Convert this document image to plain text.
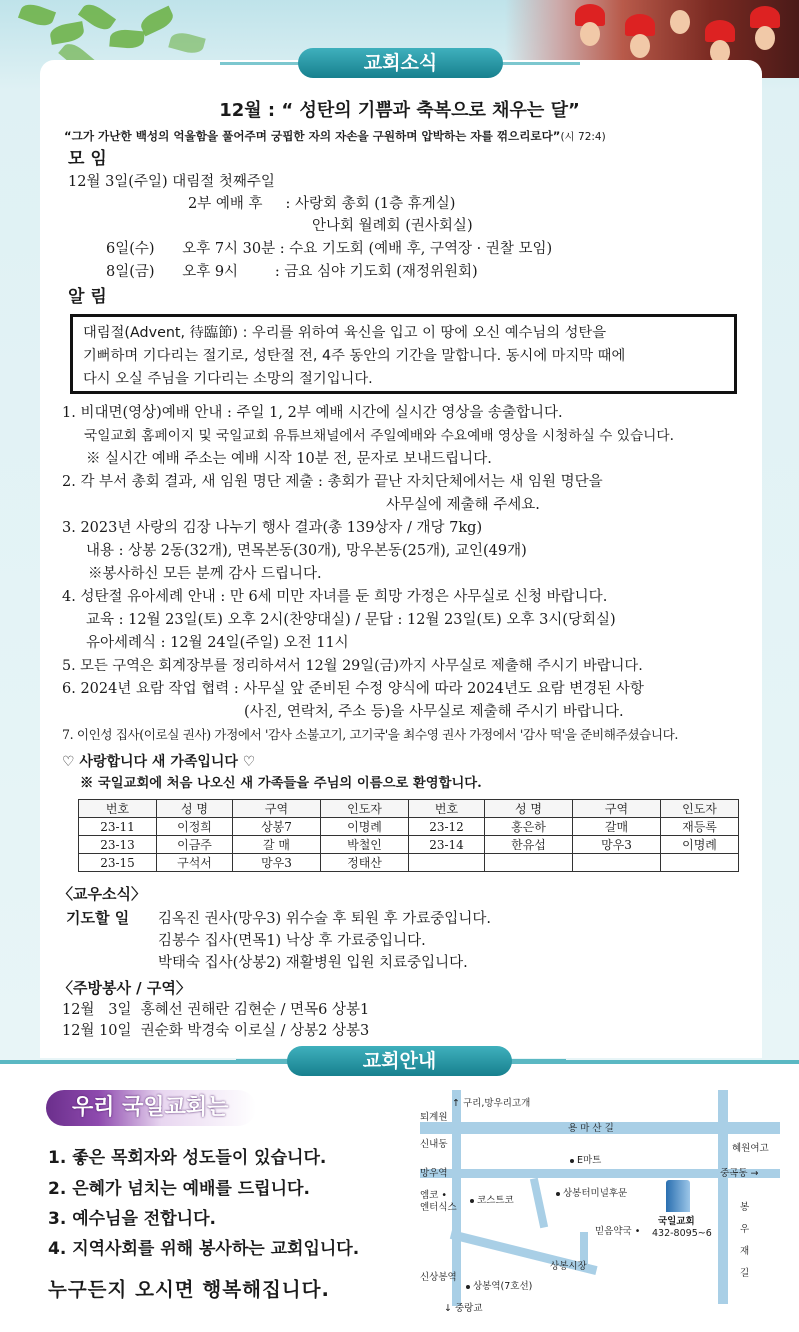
교회소식
12월 : “ 성탄의 기쁨과 축복으로 채우는 달”
“그가 가난한 백성의 억울함을 풀어주며 궁핍한 자의 자손을 구원하며 압박하는 자를 꺾으리로다”(시 72:4)
모 임
12월 3일(주일) 대림절 첫째주일
2부 예배 후     : 사랑회 총회 (1층 휴게실)
안나회 월례회 (권사회실)
6일(수)      오후 7시 30분 : 수요 기도회 (예배 후, 구역장 · 권찰 모임)
8일(금)      오후 9시        : 금요 심야 기도회 (재정위원회)
알 림
대림절(Advent, 待臨節) : 우리를 위하여 육신을 입고 이 땅에 오신 예수님의 성탄을
기뻐하며 기다리는 절기로, 성탄절 전, 4주 동안의 기간을 말합니다. 동시에 마지막 때에
다시 오실 주님을 기다리는 소망의 절기입니다.
1. 비대면(영상)예배 안내 : 주일 1, 2부 예배 시간에 실시간 영상을 송출합니다.
국일교회 홈페이지 및 국일교회 유튜브채널에서 주일예배와 수요예배 영상을 시청하실 수 있습니다.
※ 실시간 예배 주소는 예배 시작 10분 전, 문자로 보내드립니다.
2. 각 부서 총회 결과, 새 임원 명단 제출 : 총회가 끝난 자치단체에서는 새 임원 명단을
사무실에 제출해 주세요.
3. 2023년 사랑의 김장 나누기 행사 결과(총 139상자 / 개당 7kg)
내용 : 상봉 2동(32개), 면목본동(30개), 망우본동(25개), 교인(49개)
※봉사하신 모든 분께 감사 드립니다.
4. 성탄절 유아세례 안내 : 만 6세 미만 자녀를 둔 희망 가정은 사무실로 신청 바랍니다.
교육 : 12월 23일(토) 오후 2시(찬양대실) / 문답 : 12월 23일(토) 오후 3시(당회실)
유아세례식 : 12월 24일(주일) 오전 11시
5. 모든 구역은 회계장부를 정리하셔서 12월 29일(금)까지 사무실로 제출해 주시기 바랍니다.
6. 2024년 요람 작업 협력 : 사무실 앞 준비된 수정 양식에 따라 2024년도 요람 변경된 사항
(사진, 연락처, 주소 등)을 사무실로 제출해 주시기 바랍니다.
7. 이인성 집사(이로실 권사) 가정에서 '감사 소불고기, 고기국'을 최수영 권사 가정에서 '감사 떡'을 준비해주셨습니다.
♡ 사랑합니다 새 가족입니다 ♡
※ 국일교회에 처음 나오신 새 가족들을 주님의 이름으로 환영합니다.
번호	성 명	구역	인도자	번호	성 명	구역	인도자
23-11	이정희	상봉7	이명례	23-12	홍은하	갈매	재등록
23-13	이금주	갈 매	박철인	23-14	한유섭	망우3	이명례
23-15	구석서	망우3	정태산				
〈교우소식〉
기도할 일 김옥진 권사(망우3) 위수술 후 퇴원 후 가료중입니다.
김봉수 집사(면목1) 낙상 후 가료중입니다.
박태숙 집사(상봉2) 재활병원 입원 치료중입니다.
〈주방봉사 / 구역〉
12월   3일  홍혜선 권해란 김현순 / 면목6 상봉1
12월 10일  권순화 박경숙 이로실 / 상봉2 상봉3
교회안내
우리 국일교회는
1. 좋은 목회자와 성도들이 있습니다.
2. 은혜가 넘치는 예배를 드립니다.
3. 예수님을 전합니다.
4. 지역사회를 위해 봉사하는 교회입니다.
누구든지 오시면 행복해집니다.
↑ 구리,망우리고개
퇴계원
용 마 산 길
신내동
E마트
혜원여고
망우역	중곡동 →
엠코 •
엔터식스
코스트코
상봉터미널후문
믿음약국 •
국일교회
432-8095~6
봉
우
재
길
상봉시장
신상봉역
상봉역(7호선)
↓ 중랑교
